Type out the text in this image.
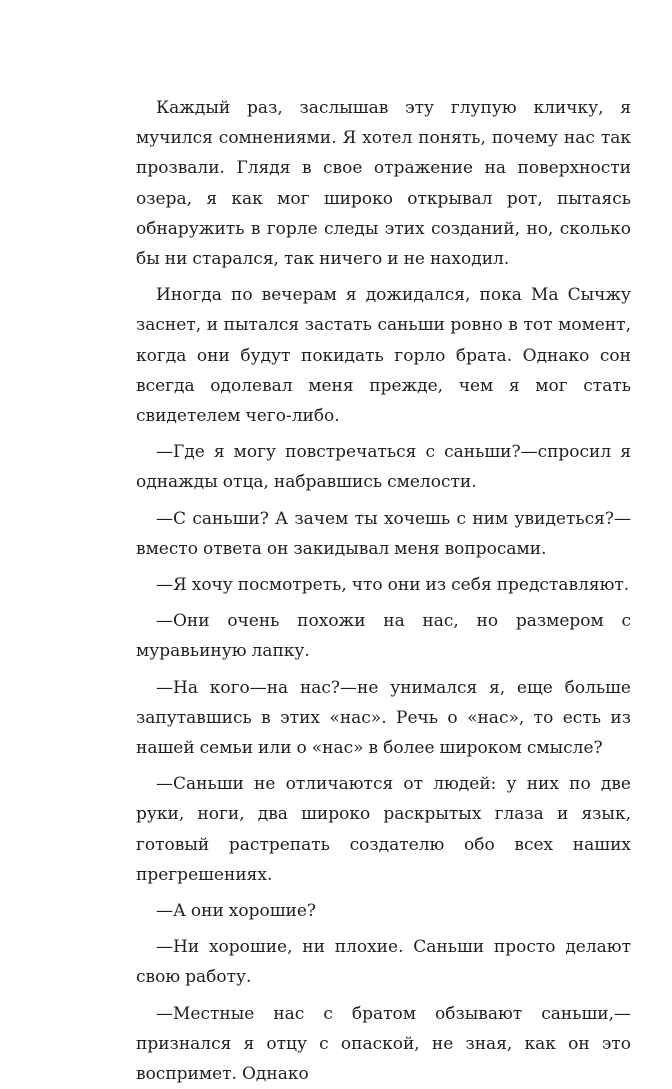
Каждый раз, заслышав эту глупую кличку, я мучился сомнениями. Я хотел понять, почему нас так прозвали. Глядя в свое отражение на поверхности озера, я как мог широко открывал рот, пытаясь обнаружить в горле следы этих созданий, но, сколько бы ни старался, так ничего и не находил.

Иногда по вечерам я дожидался, пока Ма Сычжу заснет, и пытался застать саньши ровно в тот момент, когда они будут покидать горло брата. Однако сон всегда одолевал меня прежде, чем я мог стать свидетелем чего-либо.

—Где я могу повстречаться с саньши?—спросил я однажды отца, набравшись смелости.

—С саньши? А зачем ты хочешь с ним увидеться?—вместо ответа он закидывал меня вопросами.

—Я хочу посмотреть, что они из себя представляют.

—Они очень похожи на нас, но размером с муравьиную лапку.

—На кого—на нас?—не унимался я, еще больше запутавшись в этих «нас». Речь о «нас», то есть из нашей семьи или о «нас» в более широком смысле?

—Саньши не отличаются от людей: у них по две руки, ноги, два широко раскрытых глаза и язык, готовый растрепать создателю обо всех наших прегрешениях.

—А они хорошие?

—Ни хорошие, ни плохие. Саньши просто делают свою работу.

—Местные нас с братом обзывают саньши,—признался я отцу с опаской, не зная, как он это воспримет. Однако
